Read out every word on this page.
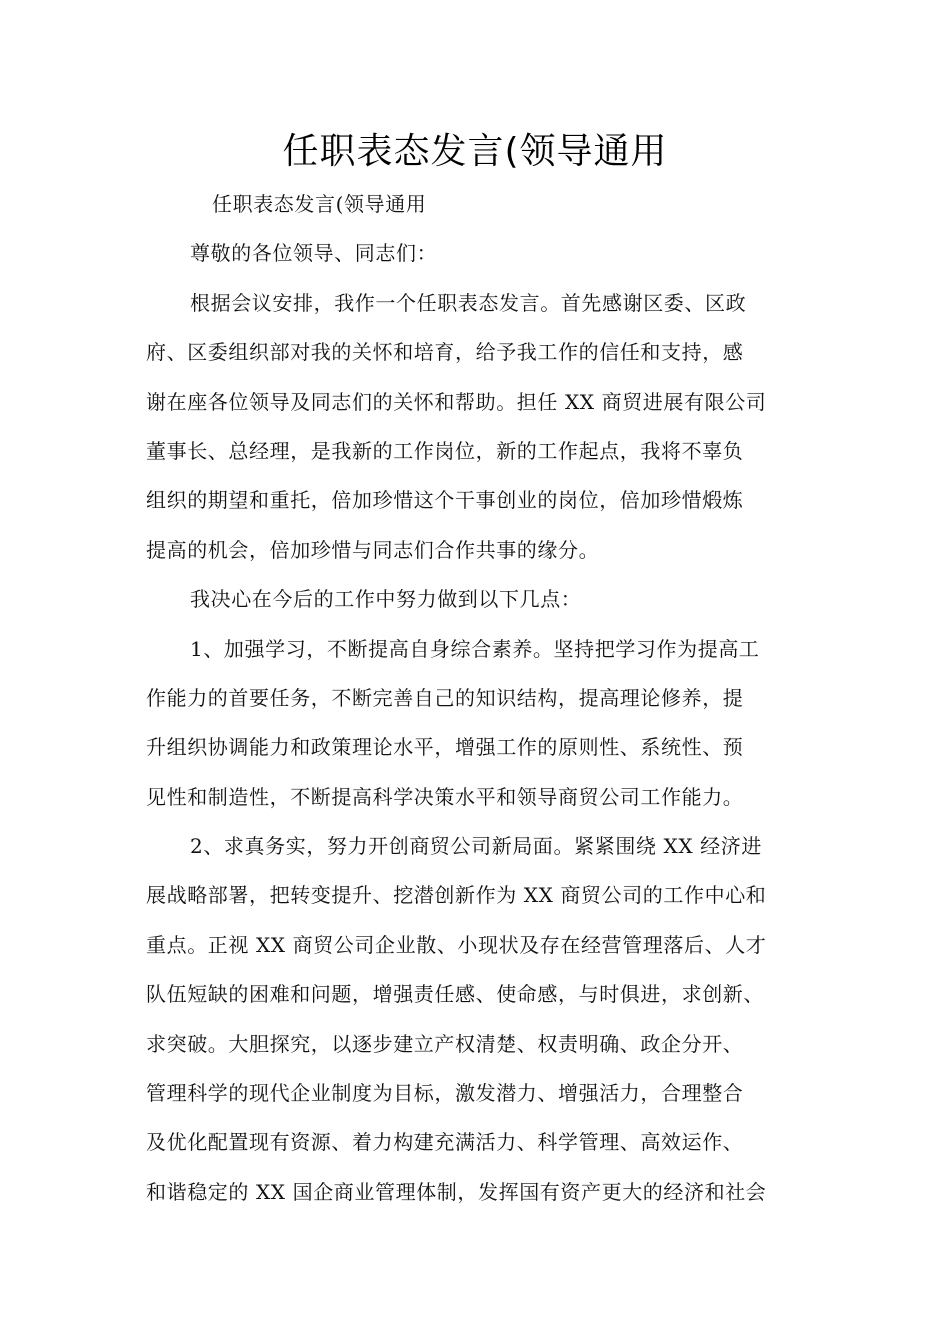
任职表态发言(领导通用
任职表态发言(领导通用
尊敬的各位领导、同志们：
根据会议安排，我作一个任职表态发言。首先感谢区委、区政
府、区委组织部对我的关怀和培育，给予我工作的信任和支持，感
谢在座各位领导及同志们的关怀和帮助。担任 XX 商贸进展有限公司
董事长、总经理，是我新的工作岗位，新的工作起点，我将不辜负
组织的期望和重托，倍加珍惜这个干事创业的岗位，倍加珍惜煅炼
提高的机会，倍加珍惜与同志们合作共事的缘分。
我决心在今后的工作中努力做到以下几点：
1、加强学习，不断提高自身综合素养。坚持把学习作为提高工
作能力的首要任务，不断完善自己的知识结构，提高理论修养，提
升组织协调能力和政策理论水平，增强工作的原则性、系统性、预
见性和制造性，不断提高科学决策水平和领导商贸公司工作能力。
2、求真务实，努力开创商贸公司新局面。紧紧围绕 XX 经济进
展战略部署，把转变提升、挖潜创新作为 XX 商贸公司的工作中心和
重点。正视 XX 商贸公司企业散、小现状及存在经营管理落后、人才
队伍短缺的困难和问题，增强责任感、使命感，与时俱进，求创新、
求突破。大胆探究，以逐步建立产权清楚、权责明确、政企分开、
管理科学的现代企业制度为目标，激发潜力、增强活力，合理整合
及优化配置现有资源、着力构建充满活力、科学管理、高效运作、
和谐稳定的 XX 国企商业管理体制，发挥国有资产更大的经济和社会
